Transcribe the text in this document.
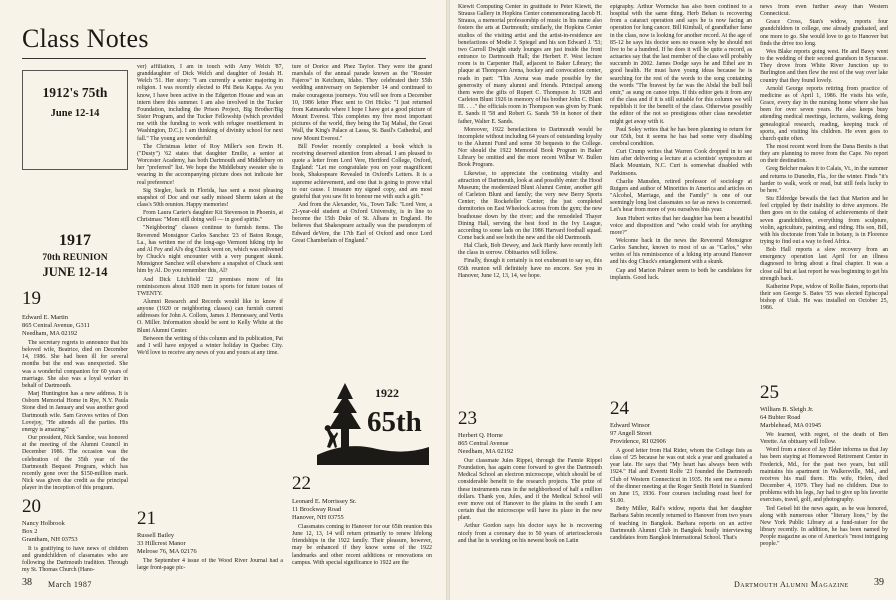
Class Notes
1912's 75th
June 12-14
1917
70th REUNION
JUNE 12-14
19
Edward E. Martin
865 Central Avenue, G311
Needham, MA 02192

The secretary regrets to announce that his beloved wife, Beatrice, died on December 14, 1986. She had been ill for several months but the end was unexpected. She was a wonderful companion for 60 years of marriage. She also was a loyal worker in behalf of Dartmouth.

Marj Huntington has a new address. It is Osborn Memorial Home in Rye, N.Y. Paula Stone died in January and was another good Dartmouth wife. Sam Groves writes of Don Lovejoy, "He attends all the parties. His energy is amazing."

Our president, Nick Sandoe, was honored at the meeting of the Alumni Council in December 1986. The occasion was the celebration of the 35th year of the Dartmouth Bequest Program, which has recently gone over the $150-million mark. Nick was given due credit as the principal player in the inception of this program.

20
Nancy Holbrook
Box 2
Grantham, NH 03753

It is gratifying to have news of children and grandchildren of classmates who are following the Dartmouth tradition. Through my St. Thomas Church (Hano-

ver) affiliation, I am in touch with Amy Welch '87, granddaughter of Dick Welch and daughter of Josiah H. Welch '51. Her story: "I am currently a senior majoring in religion. I was recently elected to Phi Beta Kappa. As you know, I have been active in the Edgerton House and was an intern there this summer. I am also involved in the Tucker Foundation, including the Prison Project, Big Brother/Big Sister Program, and the Tucker Fellowship (which provided me with the funding to work with refugee resettlement in Washington, D.C.). I am thinking of divinity school for next fall." The young are wonderful!

The Christmas letter of Roy Miller's son Erwin H. ("Dusty") '62 states that daughter Emilie, a senior at Worcester Academy, has both Dartmouth and Middlebury on her "preferred" list. We hope the Middlebury sweater she is wearing in the accompanying picture does not indicate her real preference!

Sig Siegler, back in Florida, has sent a most pleasing snapshot of Doc and our sadly missed Sherm taken at the class's 50th reunion. Happy memories!

From Laura Carter's daughter Kit Stevenson in Phoenix, at Christmas: "Mom still doing well — in good spirits."

"Neighboring" classes continue to furnish items. The Reverend Monsignor Carlos Sanchez '23 of Baton Rouge, La., has written me of the long-ago Vermont hiking trip he and Al Fey and Al's dog Chuck went on, which was enlivened by Chuck's night encounter with a very pungent skunk. Monsignor Sanchez will elsewhere a snapshot of Chuck sent him by Al. Do you remember this, Al?

And Dick Litchfield '22 promises more of his reminiscences about 1920 men in sports for future issues of TWENTY.

Alumni Research and Records would like to know if anyone (1920 or neighboring classes) can furnish current addresses for John A. Collom, James J. Hennessey, and Vertis O. Miller. Information should be sent to Kelly White at the Blunt Alumni Center.

Between the writing of this column and its publication, Pat and I will have enjoyed a winter holiday in Quebec City. We'd love to receive any news of you and yours at any time.

21
Russell Bailey
33 Hillcrest Manor
Melrose 76, MA 02176

The September 4 issue of the Wood River Journal had a large front-page pic-

ture of Dorice and Phez Taylor. They were the grand marshals of the annual parade known as the "Rooster Fajeros" in Ketchum, Idaho. They celebrated their 55th wedding anniversary on September 14 and continued to make courageous journeys. You will see from a December 10, 1986 letter Phez sent to Ort Hicks: "I just returned from Katmandu where I hope I have got a good picture of Mount Everest. This completes my five most important pictures of the world, they being the Taj Mahal, the Great Wall, the King's Palace at Lassa, St. Basil's Cathedral, and now Mount Everest."

Bill Fowler recently completed a book which is receiving deserved attention from abroad. I am pleased to quote a letter from Lord Vere, Hertford College, Oxford, England: "Let me congratulate you on your magnificent book, Shakespeare Revealed in Oxford's Letters. It is a supreme achievement, and one that is going to prove vital to our cause. I treasure my signed copy, and am most grateful that you saw fit to honour me with such a gift."

And from the Alexander, Va., Town Talk: "Lord Vere, a 21-year-old student at Oxford University, is in line to become the 15th Duke of St. Albans in England. He believes that Shakespeare actually was the pseudonym of Edward deVere, the 17th Earl of Oxford and once Lord Great Chamberlain of England."

1922
65th
22
Leonard E. Morrissey Sr.
11 Brockway Road
Hanover, NH 03755

Classmates coming to Hanover for our 65th reunion this June 12, 13, 14 will return primarily to renew lifelong friendships in the 1922 family. Their pleasure, however, may be enhanced if they know some of the 1922 landmarks and other recent additions or renovations on campus. With special significance to 1922 are the

38 March 1987

Kiewit Computing Center in gratitude to Peter Kiewit, the Strauss Gallery in Hopkins Center commemorating Jacob H. Strauss, a memorial professorship of music in his name also fosters the arts at Dartmouth; similarly, the Hopkins Center studios of the visiting artist and the artist-in-residence are benefactions of Modie J. Spiegel and his son Edward J. '53; two Carroll Dwight study lounges are just inside the front entrance to Dartmouth Hall; the Herbert F. West lecture room is in Carpenter Hall, adjacent to Baker Library; the plaque at Thompson Arena, hockey and convocation center, reads in part: "This Arena was made possible by the generosity of many alumni and friends. Principal among them were the gifts of Rupert C. Thompson Jr. 1928 and Carleton Blunt 1926 in memory of his brother John C. Blunt III. . . ." the officials room in Thompson was given by Frank E. Sands II '58 and Robert G. Sands '59 in honor of their father, Walter E. Sands.

Moreover, 1922 benefactions to Dartmouth would be incomplete without including 64 years of outstanding loyalty to the Alumni Fund and some 30 bequests to the College. Nor should the 1922 Memorial Book Program in Baker Library be omitted and the more recent Wilbur W. Bullen Book Program.

Likewise, to appreciate the continuing vitality and attraction of Dartmouth, look at and possibly enter: the Hood Museum; the modernized Blunt Alumni Center, another gift of Carleton Blunt and family; the very new Berry Sports Center; the Rockefeller Center; the just completed dormitories on East Wheelock across from the gym; the new boathouse down by the river; and the remodeled Thayer Dining Hall, serving the best food in the Ivy League, according to some lads on the 1986 Harvard football squad. Come back and see both the new and the old Dartmouth.

Hal Clark, Bob Dewey, and Jack Hardy have recently left the class in sorrow. Obituaries will follow.

Finally, though it certainly is not exuberant to say so, this 65th reunion will definitely have no encore. See you in Hanover, June 12, 13, 14, we hope.

23
Herbert Q. Horne
865 Central Avenue
Needham, MA 02192

Our classmate Jules Rippel, through the Fannie Rippel Foundation, has again come forward to give the Dartmouth Medical School an electron microscope, which should be of considerable benefit to the research projects. The prize of these instruments runs in the neighborhood of half a million dollars. Thank you, Jules, and if the Medical School will ever move out of Hanover to the plains in the south I am certain that the microscope will have its place in the new plant.

Arthur Gordon says his doctor says he is recovering nicely from a coronary due to 50 years of arteriosclerosis and that he is working on his newest book on Latin

epigraphy. Arthur Wormcke has also been confined to a hospital with the same thing. Herb Behan is recovering from a cataract operation and says he is now facing an operation for lung cancer. Bill Kimball, of grandfather fame in the class, now is looking for another record. At the age of 85-12 he says his doctor sees no reason why he should not live to be a hundred. If he does it will be quite a record, as actuaries say that the last member of the class will probably succumb in 2002. James Dodge says he and Ethel are in good health. He must have young ideas because he is searching for the rest of the words to the song containing the words "The bravest by far was the Abdal the bull bull emir," as sung on canoe trips. If this editor gets it from any of the class and if it is still suitable for this column we will republish it for the benefit of the class. Otherwise possibly the editor of the not so prestigious other class newsletter might get away with it.

Paul Soley writes that he has been planning to return for our 65th, but it seems he has had some very disabling cerebral condition.

Curt Crump writes that Warren Cook dropped in to see him after delivering a lecture at a scientists' symposium at Black Mountain, N.C. Curt is somewhat disabled with Parkinsons.

Charlie Mansden, retired professor of sociology at Rutgers and author of Minorities in America and articles on "Alcohol, Marriage, and the Family" is one of our seemingly long lost classmates so far as news is concerned. Let's hear from more of you ourselves this year.

Jean Hubert writes that her daughter has been a beautiful voice and disposition and "who could wish for anything more?"

Welcome back in the news the Reverend Monsignor Carlos Sanchez, known to most of us as "Carlos," who writes of his reminiscence of a hiking trip around Hanover and his dog Chuck's entanglement with a skunk.

Cap and Marion Palmer seem to both be candidates for implants. Good luck.

24
Edward Winsor
97 Angell Street
Providence, RI 02906

A good letter from Hal Rider, whom the College lists as class of '25 because he was out sick a year and graduated a year late. He says that "My heart has always been with 1924." Hal and Everett Rolfe '23 founded the Dartmouth Club of Western Connecticut in 1935. He sent me a menu of the dinner meeting at the Roger Smith Hotel in Stamford on June 15, 1936. Four courses including roast beef for $1.00.

Betty Miller, Ralf's widow, reports that her daughter Barbara Sabin recently returned to Hanover from two years of teaching in Bangkok. Barbara reports on an active Dartmouth Alumni Club in Bangkok busily interviewing candidates from Bangkok International School. That's

news from even further away than Western Connecticut.

Grace Cross, Stan's widow, reports four grandchildren in college, one already graduated, and one more to go. She would love to go to Hanover but finds the drive too long.

Wes Blake reports going west. He and Bawy went to the wedding of their second grandson in Syracuse. They drove from White River Junction up to Burlington and then flew the rest of the way over lake country that they found lovely.

Arnold George reports retiring from practice of medicine as of April 1, 1986. He visits his wife, Grace, every day in the nursing home where she has been for over seven years. He also keeps busy attending medical meetings, lectures, walking, doing genealogical research, reading, keeping track of sports, and visiting his children. He even goes to church quite often.

The most recent word from the Dana Benits is that they are planning to move from the Cape. No report on their destination.

Greg Belcher makes it to Calais, Vt., in the summer and returns to Dunedin, Fla., for the winter. Finds "it's harder to walk, work or read, but still feels lucky to be here."

Stu Eldredge bewails the fact that Marion and he feel crippled by their inability to drive anymore. He then goes on to the catalog of achievements of their seven grandchildren, everything from sculpture, violin, agriculture, painting, and riding. His son, Bill, with his doctorate from Yale in botany, is in Florence trying to find out a way to feed Africa.

Bob Hall reports a slow recovery from an emergency operation last April for an illness diagnosed to bring about a final chapter. It was a close call but at last report he was beginning to get his strength back.

Katherine Pope, widow of Rollie Bates, reports that their son George S. Bates '55 was elected Episcopal bishop of Utah. He was installed on October 25, 1986.

25
William B. Sleigh Jr.
64 Bubier Road
Marblehead, MA 01945

We learned, with regret, of the death of Ben Verette. An obituary will follow.

Word from a niece of Jay Elder informs us that Jay has been staying at Homewood Retirement Center in Frederick, Md., for the past two years, but still maintains his apartment in Walkersville, Md., and receives his mail there. His wife, Helen, died December 4, 1979. They had no children. Due to problems with his legs, Jay had to give up his favorite exercises, travel, golf, and photography.

Ted Geisel hit the news again, as he was honored, along with numerous other "literary lions," by the New York Public Library at a fund-raiser for the library recently. In addition, he has been named by People magazine as one of America's "most intriguing people."

Dartmouth Alumni Magazine	39
